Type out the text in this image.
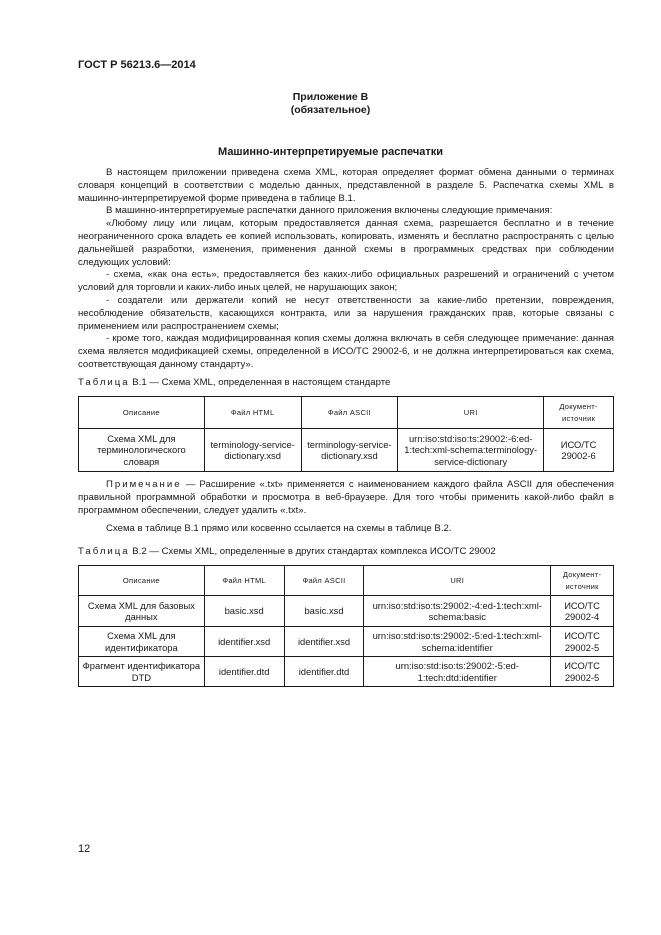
ГОСТ Р 56213.6—2014
Приложение В
(обязательное)
Машинно-интерпретируемые распечатки

В настоящем приложении приведена схема XML, которая определяет формат обмена данными о терминах словаря концепций в соответствии с моделью данных, представленной в разделе 5. Распечатка схемы XML в машинно-интерпретируемой форме приведена в таблице В.1.

В машинно-интерпретируемые распечатки данного приложения включены следующие примечания:

«Любому лицу или лицам, которым предоставляется данная схема, разрешается бесплатно и в течение неограниченного срока владеть ее копией использовать, копировать, изменять и бесплатно распространять с целью дальнейшей разработки, изменения, применения данной схемы в программных средствах при соблюдении следующих условий:

- схема, «как она есть», предоставляется без каких-либо официальных разрешений и ограничений с учетом условий для торговли и каких-либо иных целей, не нарушающих закон;

- создатели или держатели копий не несут ответственности за какие-либо претензии, повреждения, несоблюдение обязательств, касающихся контракта, или за нарушения гражданских прав, которые связаны с применением или распространением схемы;

- кроме того, каждая модифицированная копия схемы должна включать в себя следующее примечание: данная схема является модификацией схемы, определенной в ИСО/ТС 29002-6, и не должна интерпретироваться как схема, соответствующая данному стандарту».

Таблица В.1 — Схема XML, определенная в настоящем стандарте
Описание	Файл HTML	Файл ASCII	URI	Документ-источник
Схема XML для терминологического словаря	terminology-service-dictionary.xsd	terminology-service-dictionary.xsd	urn:iso:std:iso:ts:29002:-6:ed-1:tech:xml-schema:terminology-service-dictionary	ИСО/ТС 29002-6

Примечание — Расширение «.txt» применяется с наименованием каждого файла ASCII для обеспечения правильной программной обработки и просмотра в веб-браузере. Для того чтобы применить какой-либо файл в программном обеспечении, следует удалить «.txt».

Схема в таблице В.1 прямо или косвенно ссылается на схемы в таблице В.2.

Таблица В.2 — Схемы XML, определенные в других стандартах комплекса ИСО/ТС 29002
Описание	Файл HTML	Файл ASCII	URI	Документ-источник
Схема XML для базовых данных	basic.xsd	basic.xsd	urn:iso:std:iso:ts:29002:-4:ed-1:tech:xml-schema:basic	ИСО/ТС 29002-4
Схема XML для идентификатора	identifier.xsd	identifier.xsd	urn:iso:std:iso:ts:29002:-5:ed-1:tech:xml-schema:identifier	ИСО/ТС 29002-5
Фрагмент идентификатора DTD	identifier.dtd	identifier.dtd	urn:iso:std:iso:ts:29002:-5:ed-1:tech:dtd:identifier	ИСО/ТС 29002-5
12
